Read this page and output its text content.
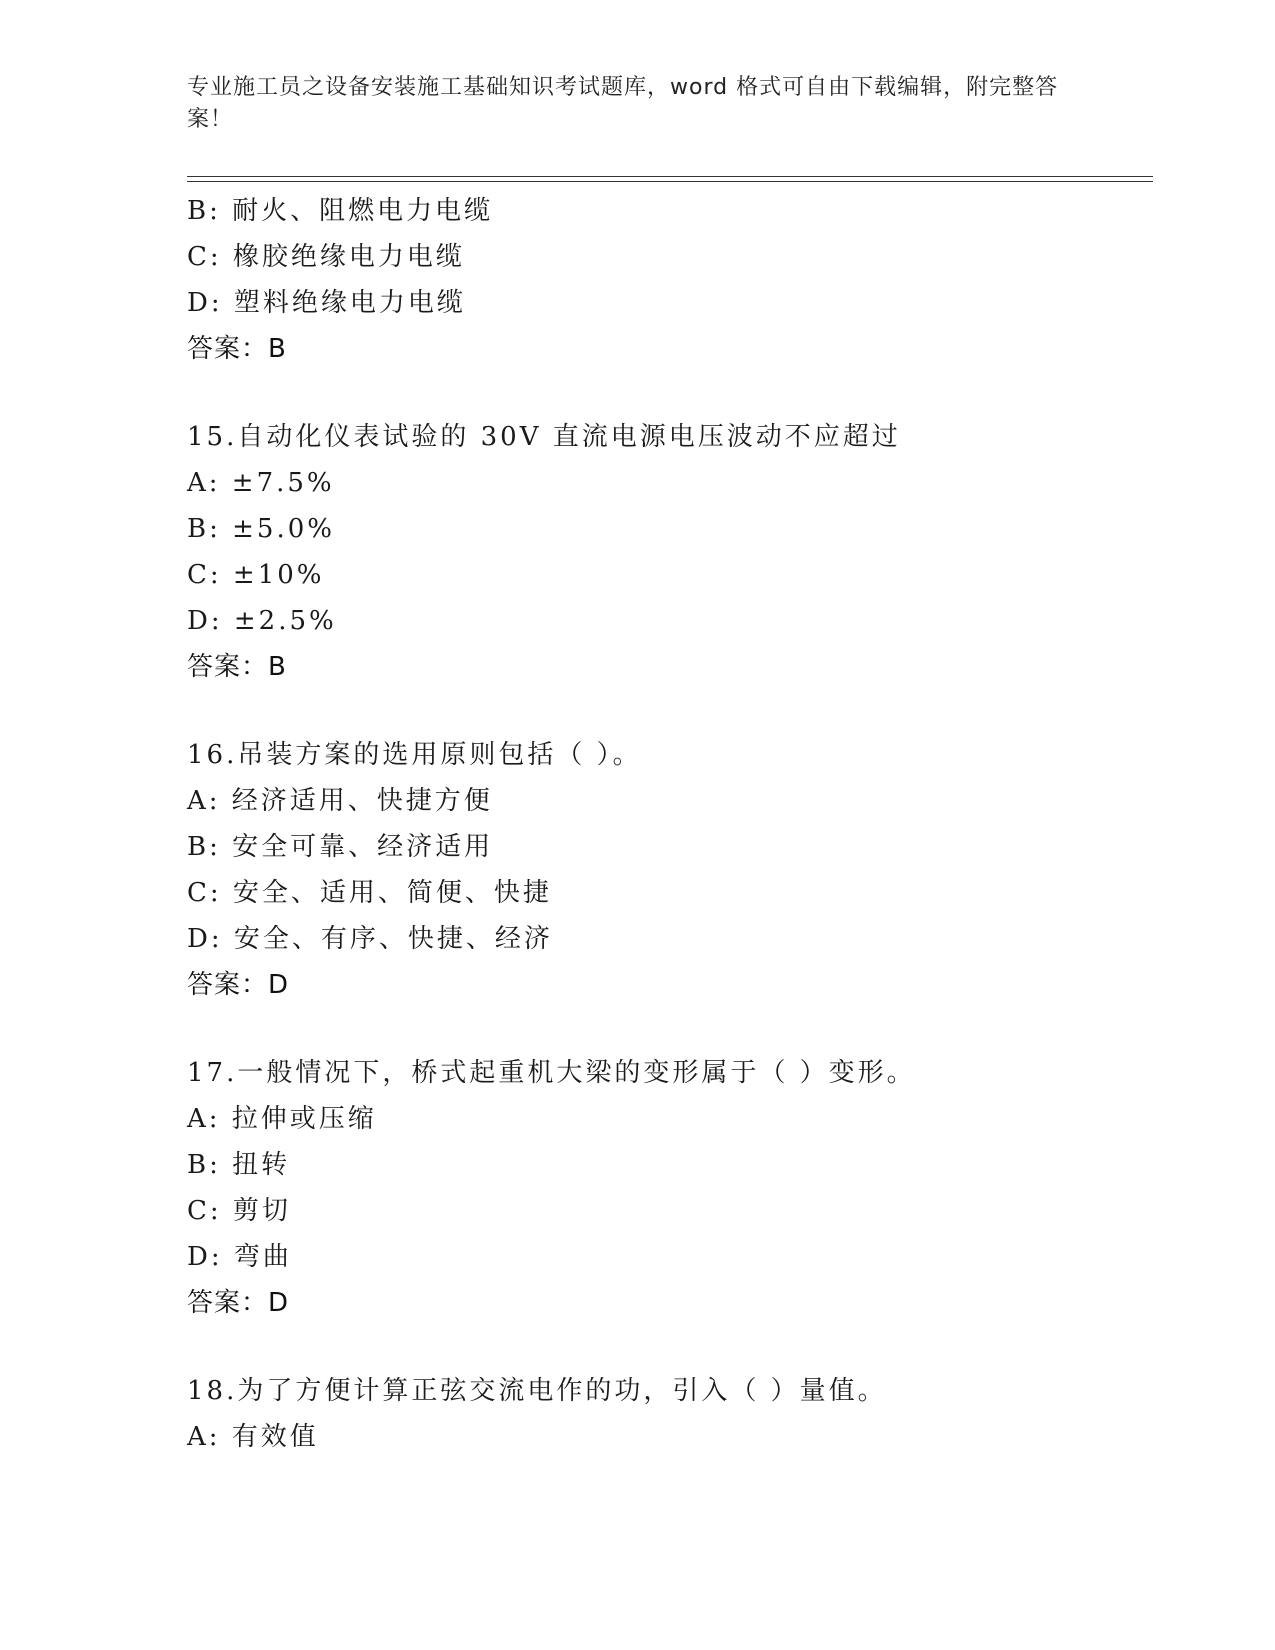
专业施工员之设备安装施工基础知识考试题库，word 格式可自由下载编辑，附完整答案！
B: 耐火、阻燃电力电缆
C: 橡胶绝缘电力电缆
D: 塑料绝缘电力电缆
答案：B
15.自动化仪表试验的 30V 直流电源电压波动不应超过
A: ±7.5%
B: ±5.0%
C: ±10%
D: ±2.5%
答案：B
16.吊装方案的选用原则包括（ ）。
A: 经济适用、快捷方便
B: 安全可靠、经济适用
C: 安全、适用、简便、快捷
D: 安全、有序、快捷、经济
答案：D
17.一般情况下，桥式起重机大梁的变形属于（ ）变形。
A: 拉伸或压缩
B: 扭转
C: 剪切
D: 弯曲
答案：D
18.为了方便计算正弦交流电作的功，引入（ ）量值。
A: 有效值
